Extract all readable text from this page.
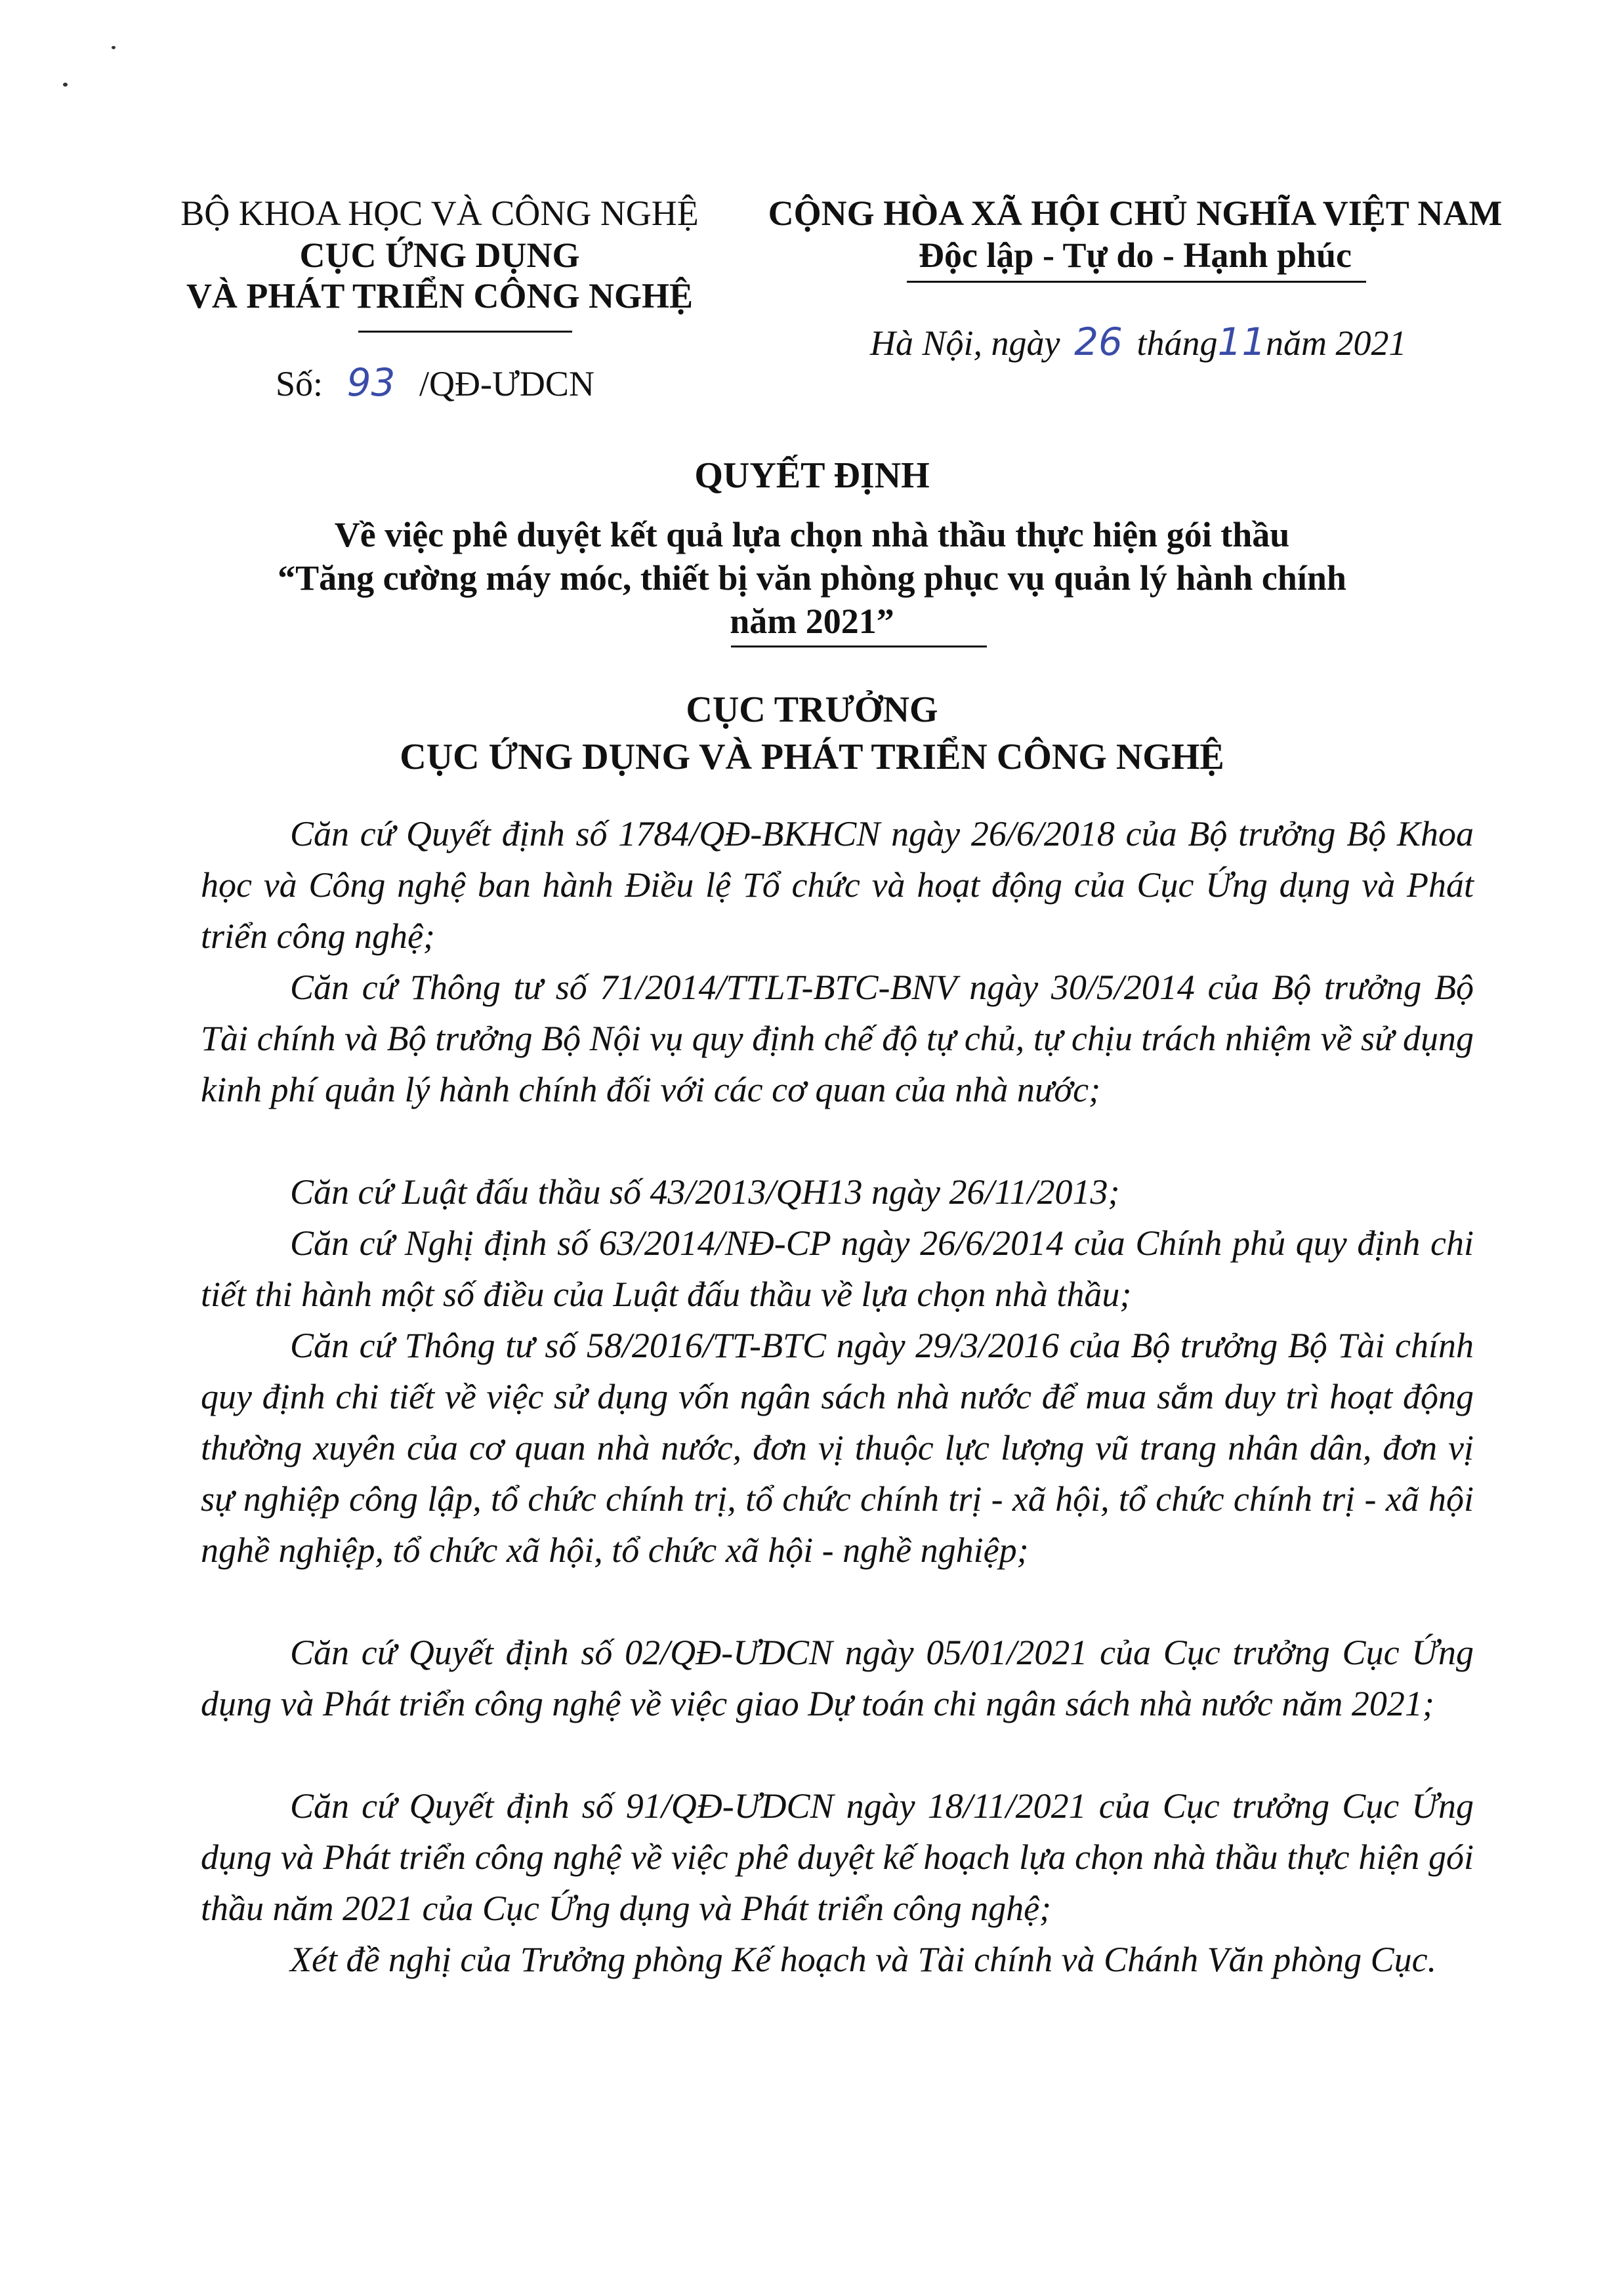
BỘ KHOA HỌC VÀ CÔNG NGHỆ
CỤC ỨNG DỤNG
VÀ PHÁT TRIỂN CÔNG NGHỆ
Số: 93 /QĐ-ƯDCN
CỘNG HÒA XÃ HỘI CHỦ NGHĨA VIỆT NAM
Độc lập - Tự do - Hạnh phúc
Hà Nội, ngày 26 tháng11 năm 2021
QUYẾT ĐỊNH
Về việc phê duyệt kết quả lựa chọn nhà thầu thực hiện gói thầu
“Tăng cường máy móc, thiết bị văn phòng phục vụ quản lý hành chính
năm 2021”
CỤC TRƯỞNG
CỤC ỨNG DỤNG VÀ PHÁT TRIỂN CÔNG NGHỆ
Căn cứ Quyết định số 1784/QĐ-BKHCN ngày 26/6/2018 của Bộ trưởng Bộ Khoa học và Công nghệ ban hành Điều lệ Tổ chức và hoạt động của Cục Ứng dụng và Phát triển công nghệ;
Căn cứ Thông tư số 71/2014/TTLT-BTC-BNV ngày 30/5/2014 của Bộ trưởng Bộ Tài chính và Bộ trưởng Bộ Nội vụ quy định chế độ tự chủ, tự chịu trách nhiệm về sử dụng kinh phí quản lý hành chính đối với các cơ quan của nhà nước;
Căn cứ Luật đấu thầu số 43/2013/QH13 ngày 26/11/2013;
Căn cứ Nghị định số 63/2014/NĐ-CP ngày 26/6/2014 của Chính phủ quy định chi tiết thi hành một số điều của Luật đấu thầu về lựa chọn nhà thầu;
Căn cứ Thông tư số 58/2016/TT-BTC ngày 29/3/2016 của Bộ trưởng Bộ Tài chính quy định chi tiết về việc sử dụng vốn ngân sách nhà nước để mua sắm duy trì hoạt động thường xuyên của cơ quan nhà nước, đơn vị thuộc lực lượng vũ trang nhân dân, đơn vị sự nghiệp công lập, tổ chức chính trị, tổ chức chính trị - xã hội, tổ chức chính trị - xã hội nghề nghiệp, tổ chức xã hội, tổ chức xã hội - nghề nghiệp;
Căn cứ Quyết định số 02/QĐ-ƯDCN ngày 05/01/2021 của Cục trưởng Cục Ứng dụng và Phát triển công nghệ về việc giao Dự toán chi ngân sách nhà nước năm 2021;
Căn cứ Quyết định số 91/QĐ-ƯDCN ngày 18/11/2021 của Cục trưởng Cục Ứng dụng và Phát triển công nghệ về việc phê duyệt kế hoạch lựa chọn nhà thầu thực hiện gói thầu năm 2021 của Cục Ứng dụng và Phát triển công nghệ;
Xét đề nghị của Trưởng phòng Kế hoạch và Tài chính và Chánh Văn phòng Cục.
